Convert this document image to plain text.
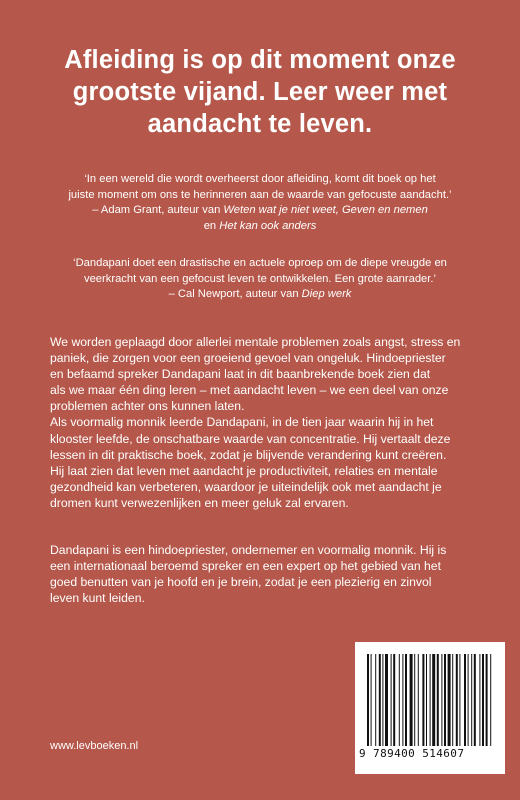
Afleiding is op dit moment onze
grootste vijand. Leer weer met
aandacht te leven.
‘In een wereld die wordt overheerst door afleiding, komt dit boek op het
juiste moment om ons te herinneren aan de waarde van gefocuste aandacht.’
– Adam Grant, auteur van Weten wat je niet weet, Geven en nemen
en Het kan ook anders
‘Dandapani doet een drastische en actuele oproep om de diepe vreugde en
veerkracht van een gefocust leven te ontwikkelen. Een grote aanrader.’
– Cal Newport, auteur van Diep werk
We worden geplaagd door allerlei mentale problemen zoals angst, stress en
paniek, die zorgen voor een groeiend gevoel van ongeluk. Hindoepriester
en befaamd spreker Dandapani laat in dit baanbrekende boek zien dat
als we maar één ding leren – met aandacht leven – we een deel van onze
problemen achter ons kunnen laten.
Als voormalig monnik leerde Dandapani, in de tien jaar waarin hij in het
klooster leefde, de onschatbare waarde van concentratie. Hij vertaalt deze
lessen in dit praktische boek, zodat je blijvende verandering kunt creëren.
Hij laat zien dat leven met aandacht je productiviteit, relaties en mentale
gezondheid kan verbeteren, waardoor je uiteindelijk ook met aandacht je
dromen kunt verwezenlijken en meer geluk zal ervaren.
Dandapani is een hindoepriester, ondernemer en voormalig monnik. Hij is
een internationaal beroemd spreker en een expert op het gebied van het
goed benutten van je hoofd en je brein, zodat je een plezierig en zinvol
leven kunt leiden.
www.levboeken.nl
9 789400 514607
